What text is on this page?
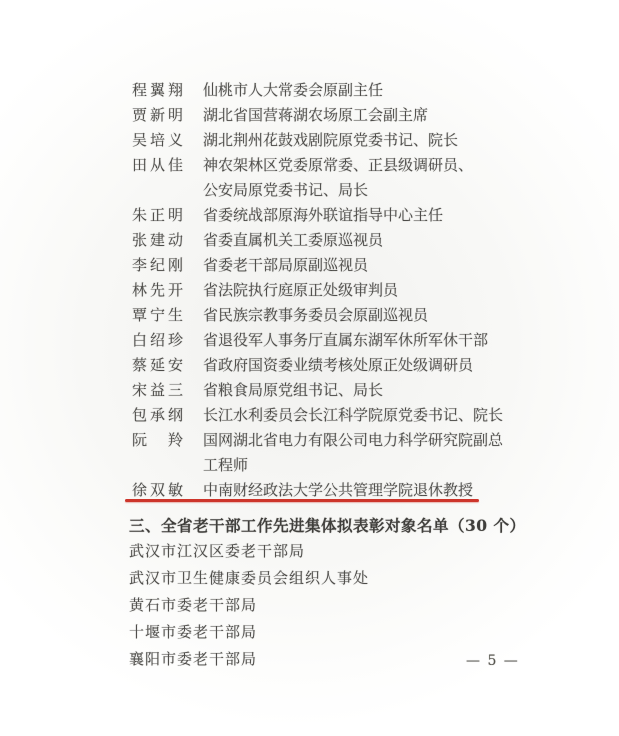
程翼翔	仙桃市人大常委会原副主任
贾新明	湖北省国营蒋湖农场原工会副主席
吴培义	湖北荆州花鼓戏剧院原党委书记、院长
田从佳	神农架林区党委原常委、正县级调研员、
公安局原党委书记、局长
朱正明	省委统战部原海外联谊指导中心主任
张建动	省委直属机关工委原巡视员
李纪刚	省委老干部局原副巡视员
林先开	省法院执行庭原正处级审判员
覃宁生	省民族宗教事务委员会原副巡视员
白绍珍	省退役军人事务厅直属东湖军休所军休干部
蔡延安	省政府国资委业绩考核处原正处级调研员
宋益三	省粮食局原党组书记、局长
包承纲	长江水利委员会长江科学院原党委书记、院长
阮　羚	国网湖北省电力有限公司电力科学研究院副总
工程师
徐双敏	中南财经政法大学公共管理学院退休教授
三、全省老干部工作先进集体拟表彰对象名单（30 个）
武汉市江汉区委老干部局
武汉市卫生健康委员会组织人事处
黄石市委老干部局
十堰市委老干部局
襄阳市委老干部局	— 5 —
